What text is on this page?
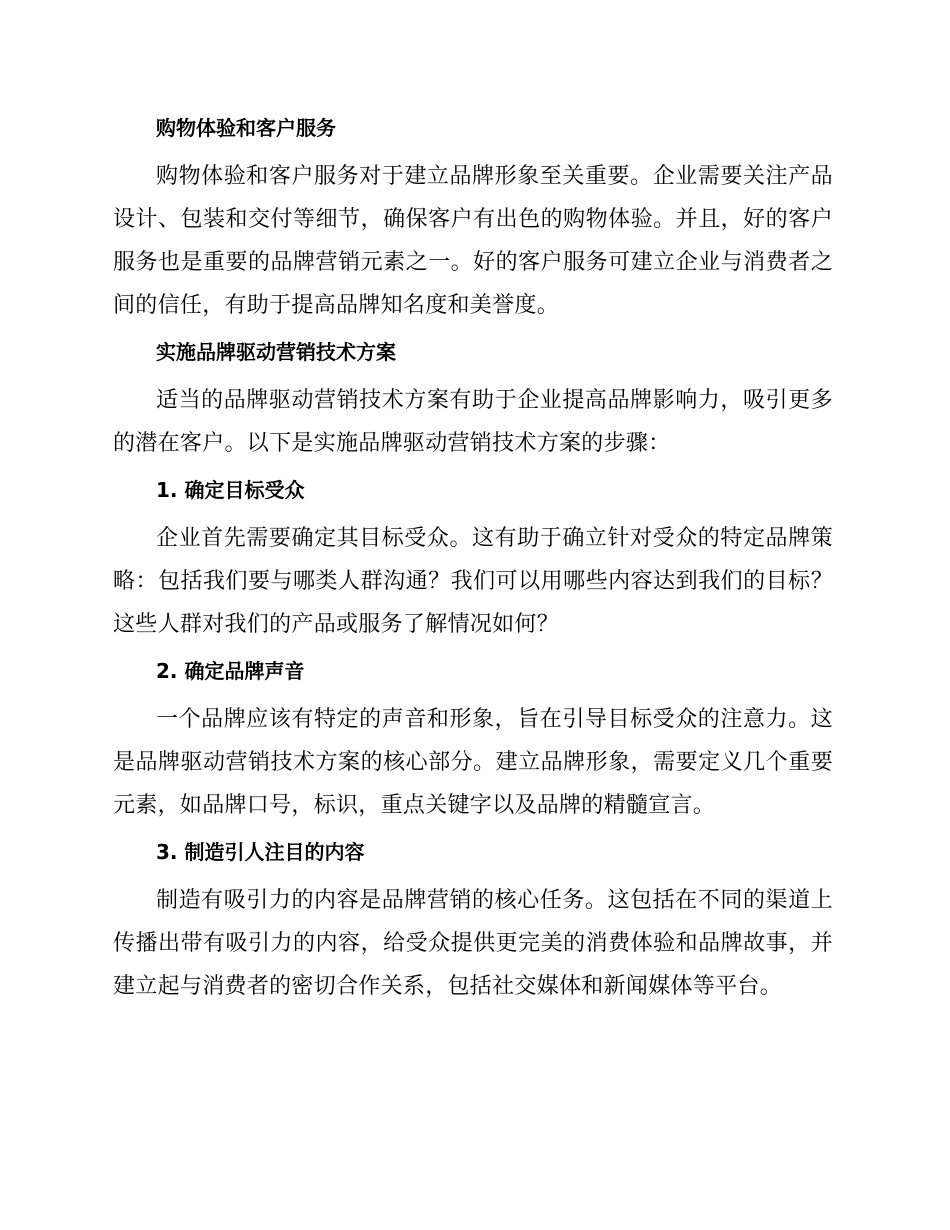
购物体验和客户服务

购物体验和客户服务对于建立品牌形象至关重要。企业需要关注产品设计、包装和交付等细节，确保客户有出色的购物体验。并且，好的客户服务也是重要的品牌营销元素之一。好的客户服务可建立企业与消费者之间的信任，有助于提高品牌知名度和美誉度。

实施品牌驱动营销技术方案

适当的品牌驱动营销技术方案有助于企业提高品牌影响力，吸引更多的潜在客户。以下是实施品牌驱动营销技术方案的步骤：

1. 确定目标受众

企业首先需要确定其目标受众。这有助于确立针对受众的特定品牌策略：包括我们要与哪类人群沟通？我们可以用哪些内容达到我们的目标？这些人群对我们的产品或服务了解情况如何？

2. 确定品牌声音

一个品牌应该有特定的声音和形象，旨在引导目标受众的注意力。这是品牌驱动营销技术方案的核心部分。建立品牌形象，需要定义几个重要元素，如品牌口号，标识，重点关键字以及品牌的精髓宣言。

3. 制造引人注目的内容

制造有吸引力的内容是品牌营销的核心任务。这包括在不同的渠道上传播出带有吸引力的内容，给受众提供更完美的消费体验和品牌故事，并建立起与消费者的密切合作关系，包括社交媒体和新闻媒体等平台。
